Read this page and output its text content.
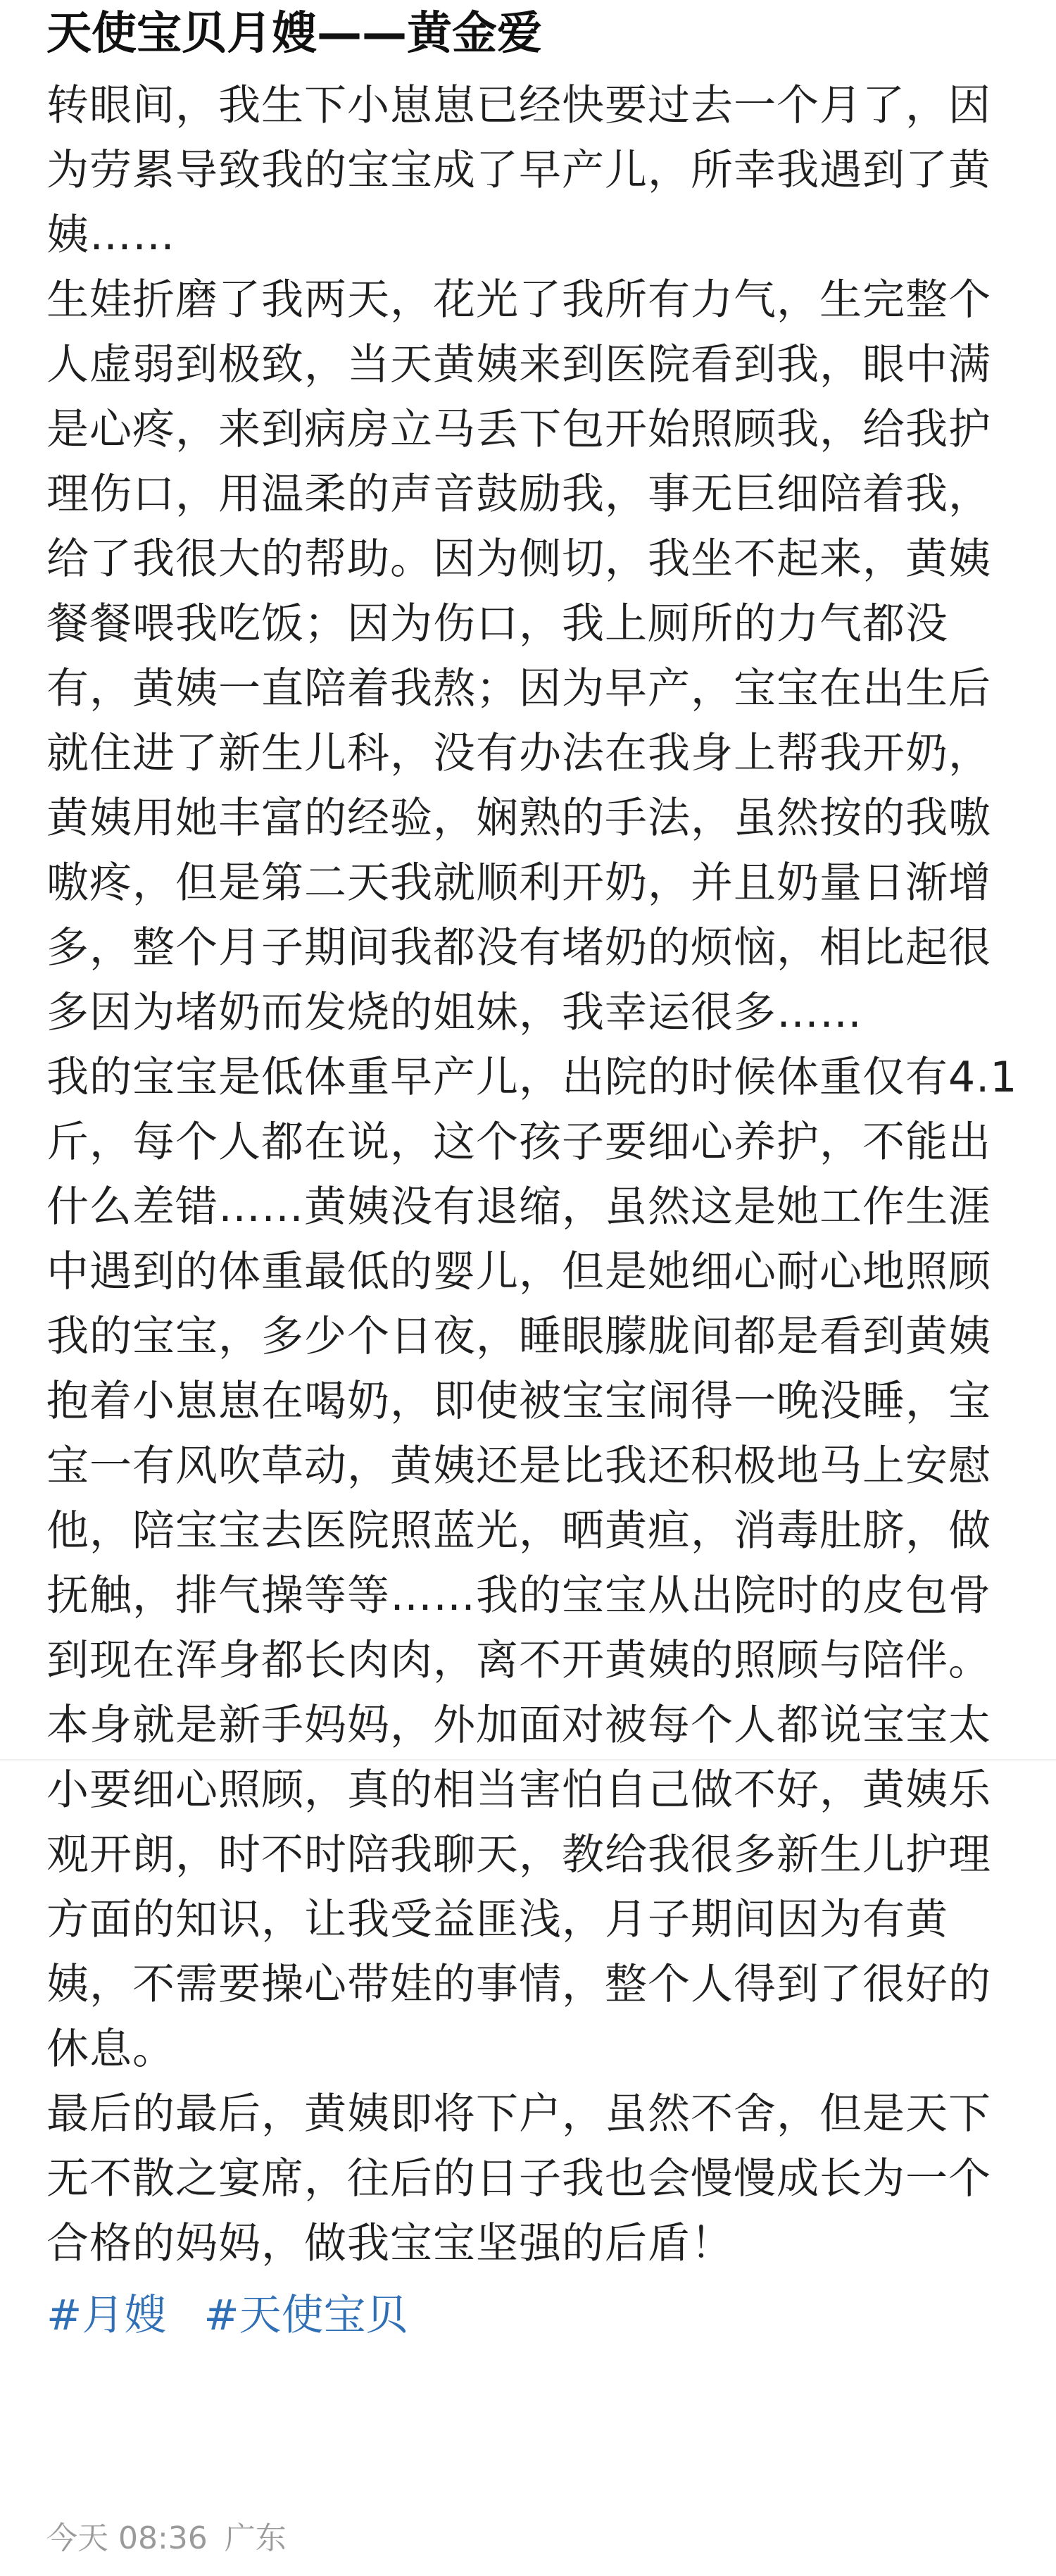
天使宝贝月嫂——黄金爱

转眼间，我生下小崽崽已经快要过去一个月了，因为劳累导致我的宝宝成了早产儿，所幸我遇到了黄姨……

生娃折磨了我两天，花光了我所有力气，生完整个人虚弱到极致，当天黄姨来到医院看到我，眼中满是心疼，来到病房立马丢下包开始照顾我，给我护理伤口，用温柔的声音鼓励我，事无巨细陪着我，给了我很大的帮助。因为侧切，我坐不起来，黄姨餐餐喂我吃饭；因为伤口，我上厕所的力气都没有，黄姨一直陪着我熬；因为早产，宝宝在出生后就住进了新生儿科，没有办法在我身上帮我开奶，黄姨用她丰富的经验，娴熟的手法，虽然按的我嗷嗷疼，但是第二天我就顺利开奶，并且奶量日渐增多，整个月子期间我都没有堵奶的烦恼，相比起很多因为堵奶而发烧的姐妹，我幸运很多……

我的宝宝是低体重早产儿，出院的时候体重仅有4.1斤，每个人都在说，这个孩子要细心养护，不能出什么差错……黄姨没有退缩，虽然这是她工作生涯中遇到的体重最低的婴儿，但是她细心耐心地照顾我的宝宝，多少个日夜，睡眼朦胧间都是看到黄姨抱着小崽崽在喝奶，即使被宝宝闹得一晚没睡，宝宝一有风吹草动，黄姨还是比我还积极地马上安慰他，陪宝宝去医院照蓝光，晒黄疸，消毒肚脐，做抚触，排气操等等……我的宝宝从出院时的皮包骨到现在浑身都长肉肉，离不开黄姨的照顾与陪伴。

本身就是新手妈妈，外加面对被每个人都说宝宝太小要细心照顾，真的相当害怕自己做不好，黄姨乐观开朗，时不时陪我聊天，教给我很多新生儿护理方面的知识，让我受益匪浅，月子期间因为有黄姨，不需要操心带娃的事情，整个人得到了很好的休息。

最后的最后，黄姨即将下户，虽然不舍，但是天下无不散之宴席，往后的日子我也会慢慢成长为一个合格的妈妈，做我宝宝坚强的后盾！

#月嫂 #天使宝贝
今天 08:36 广东
